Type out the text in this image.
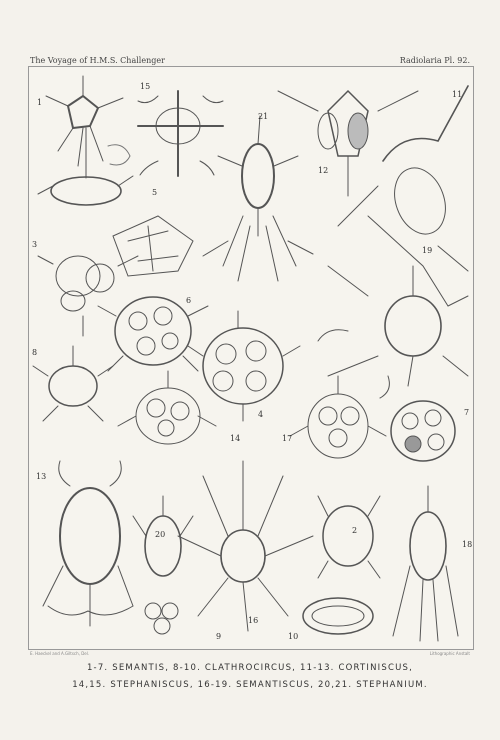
The Voyage of H.M.S. Challenger	Radiolaria Pl. 92.
1
15
21
12
11
3
5
19
6
8
4
14	17
7
13
20	2
18
9
16
10
E. Haeckel and A.Giltsch, Del.	Lithographic Anstalt
1-7. SEMANTIS, 8-10. CLATHROCIRCUS, 11-13. CORTINISCUS,
14,15. STEPHANISCUS, 16-19. SEMANTISCUS, 20,21. STEPHANIUM.
